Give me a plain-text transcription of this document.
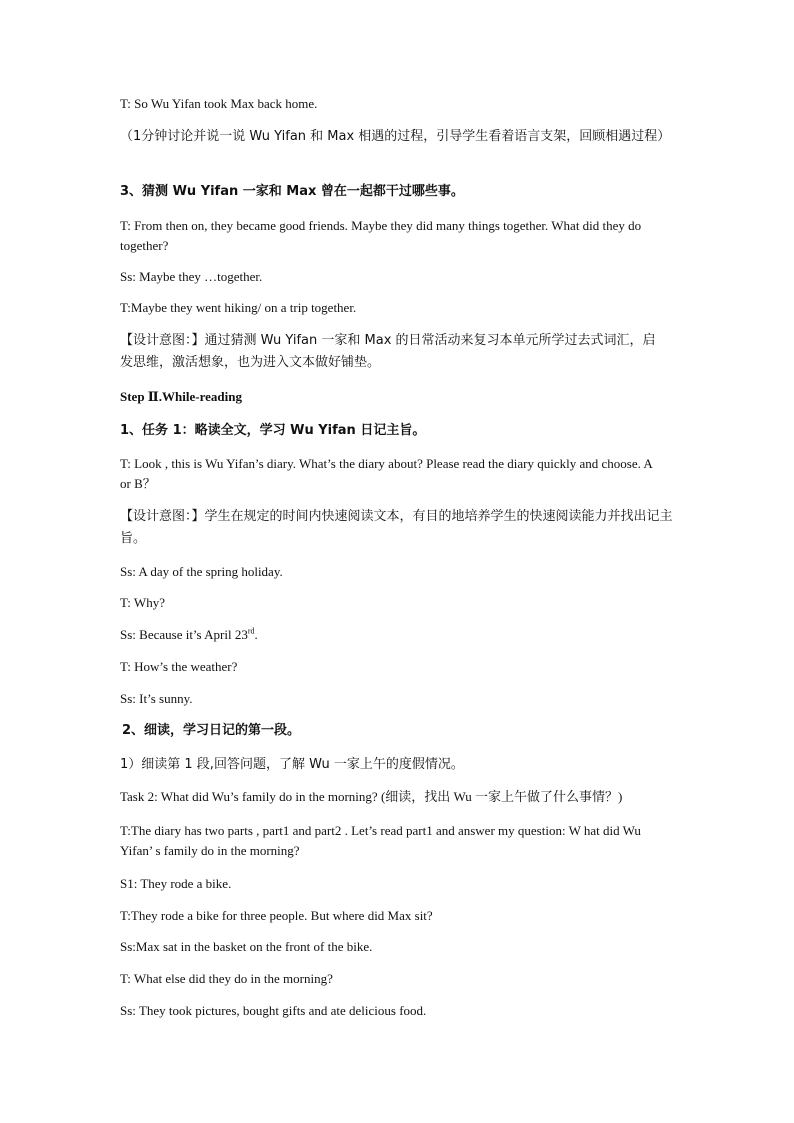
T: So Wu Yifan took Max back home.

（1分钟讨论并说一说 Wu Yifan 和 Max 相遇的过程，引导学生看着语言支架，回顾相遇过程）

3、猜测 Wu Yifan 一家和 Max 曾在一起都干过哪些事。

T: From then on, they became good friends. Maybe they did many things together. What did they do together?

Ss: Maybe they …together.

T:Maybe they went hiking/ on a trip together.

【设计意图：】通过猜测 Wu Yifan 一家和 Max 的日常活动来复习本单元所学过去式词汇，启发思维，激活想象，也为进入文本做好铺垫。

Step Ⅱ.While-reading

1、任务 1：略读全文，学习 Wu Yifan 日记主旨。

T: Look , this is Wu Yifan’s diary. What’s the diary about? Please read the diary quickly and choose. A or B？

【设计意图：】学生在规定的时间内快速阅读文本，有目的地培养学生的快速阅读能力并找出记主旨。

Ss: A day of the spring holiday.

T: Why?

Ss: Because it’s April 23rd.

T: How’s the weather?

Ss: It’s sunny.

2、细读，学习日记的第一段。

1）细读第 1 段,回答问题，了解 Wu 一家上午的度假情况。

Task 2: What did Wu’s family do in the morning? (细读，找出 Wu 一家上午做了什么事情？)

T:The diary has two parts , part1 and part2 . Let’s read part1 and answer my question: W hat did Wu Yifan’ s family do in the morning?

S1: They rode a bike.

T:They rode a bike for three people. But where did Max sit?

Ss:Max sat in the basket on the front of the bike.

T: What else did they do in the morning?

Ss: They took pictures, bought gifts and ate delicious food.
